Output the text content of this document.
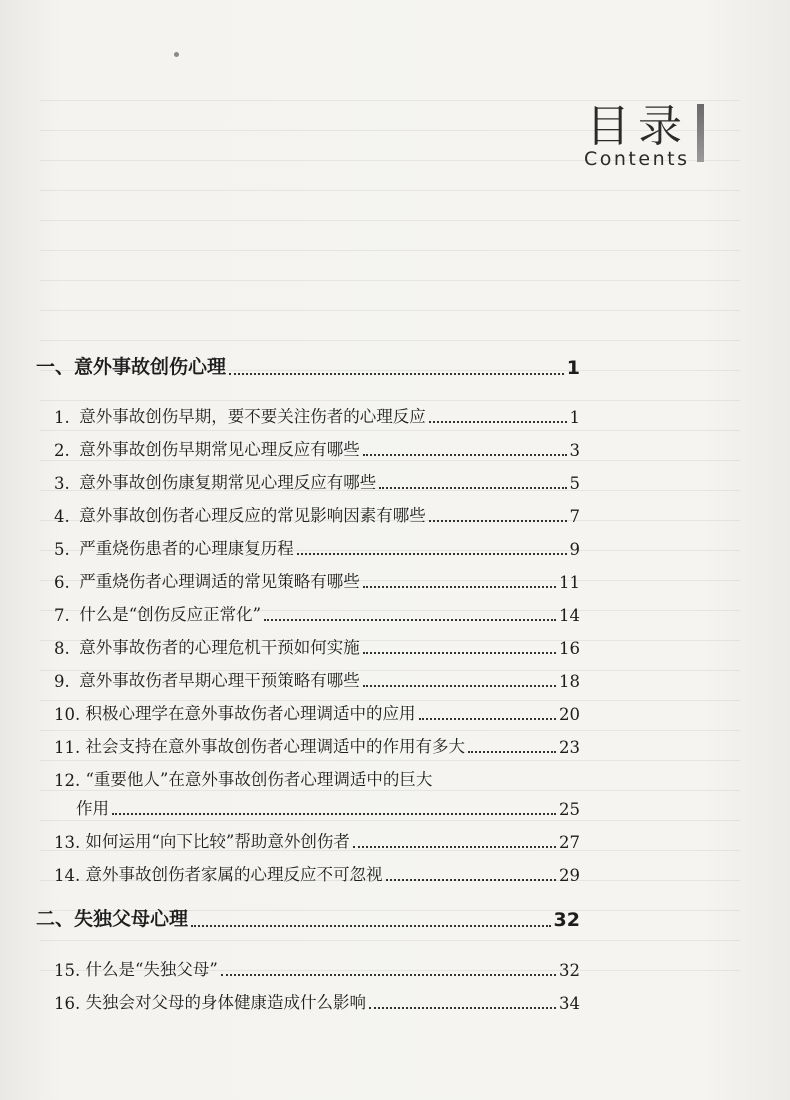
目录
Contents
一、意外事故创伤心理	1
1.
意外事故创伤早期，要不要关注伤者的心理反应	1
2.
意外事故创伤早期常见心理反应有哪些	3
3.
意外事故创伤康复期常见心理反应有哪些	5
4.
意外事故创伤者心理反应的常见影响因素有哪些	7
5.
严重烧伤患者的心理康复历程	9
6.
严重烧伤者心理调适的常见策略有哪些	11
7.
什么是“创伤反应正常化”	14
8.
意外事故伤者的心理危机干预如何实施	16
9.
意外事故伤者早期心理干预策略有哪些	18
10.
积极心理学在意外事故伤者心理调适中的应用	20
11.
社会支持在意外事故创伤者心理调适中的作用有多大	23
12.
“重要他人”在意外事故创伤者心理调适中的巨大
作用	25
13.
如何运用“向下比较”帮助意外创伤者	27
14.
意外事故创伤者家属的心理反应不可忽视	29
二、失独父母心理	32
15.
什么是“失独父母”	32
16.
失独会对父母的身体健康造成什么影响	34
